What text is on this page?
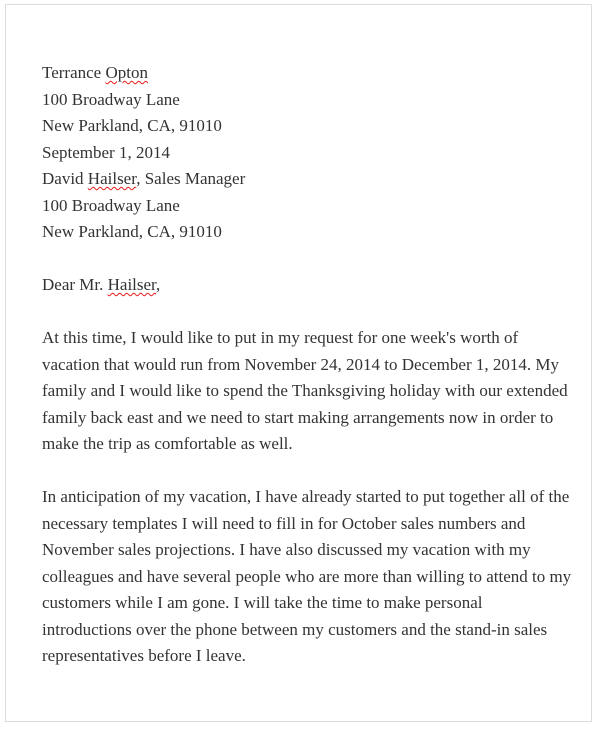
Terrance Opton
100 Broadway Lane
New Parkland, CA, 91010
September 1, 2014
David Hailser, Sales Manager
100 Broadway Lane
New Parkland, CA, 91010
Dear Mr. Hailser,
At this time, I would like to put in my request for one week's worth of
vacation that would run from November 24, 2014 to December 1, 2014. My
family and I would like to spend the Thanksgiving holiday with our extended
family back east and we need to start making arrangements now in order to
make the trip as comfortable as well.
In anticipation of my vacation, I have already started to put together all of the
necessary templates I will need to fill in for October sales numbers and
November sales projections. I have also discussed my vacation with my
colleagues and have several people who are more than willing to attend to my
customers while I am gone. I will take the time to make personal
introductions over the phone between my customers and the stand-in sales
representatives before I leave.
